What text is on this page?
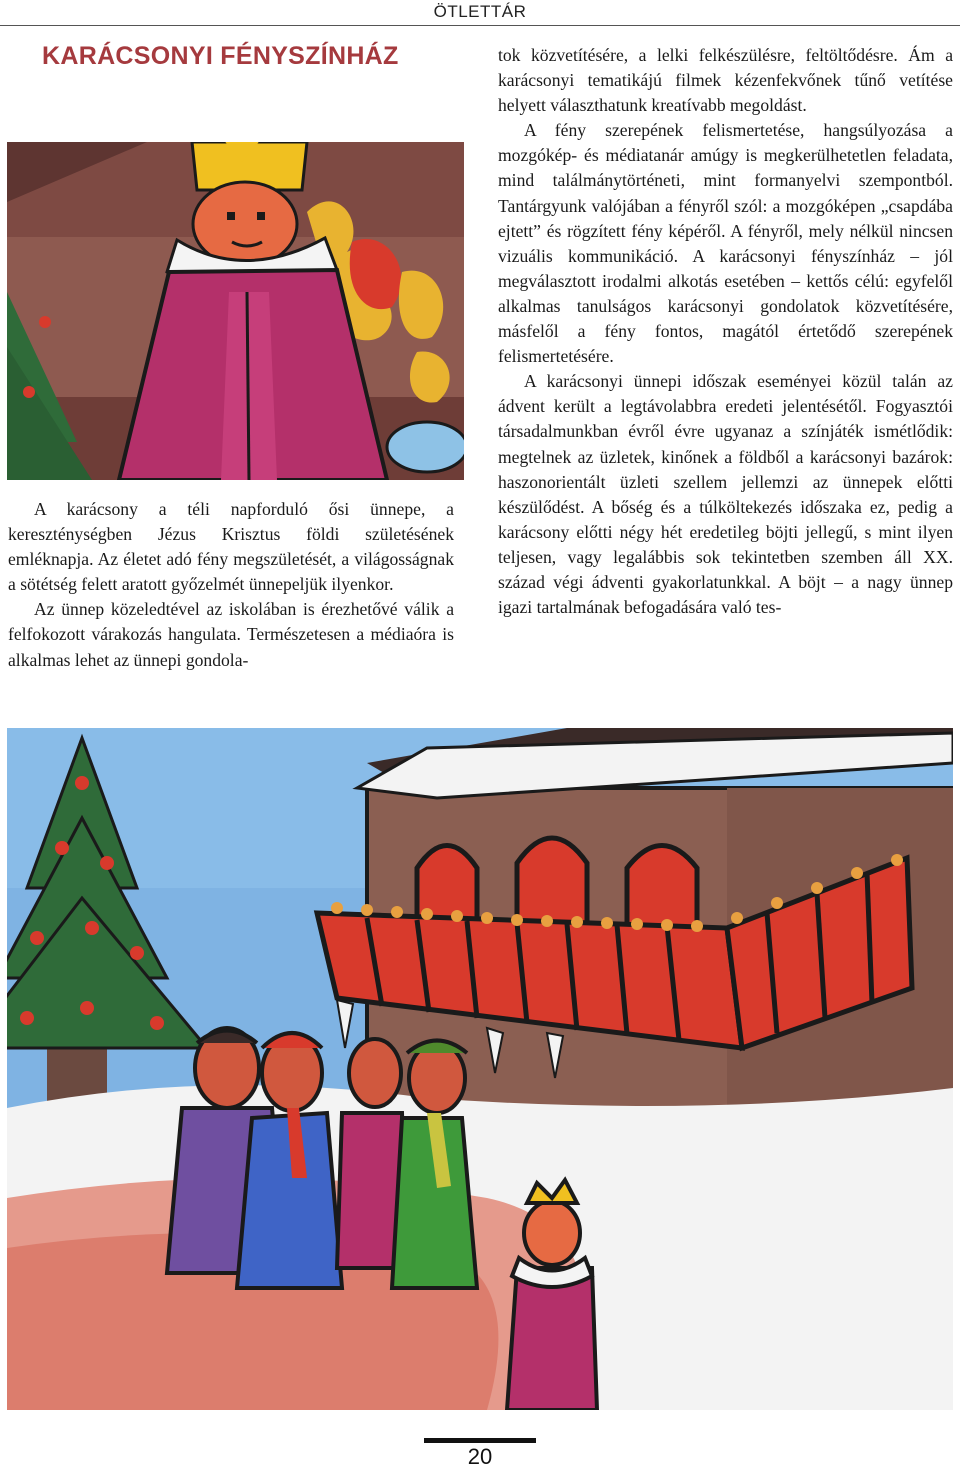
ÖTLETTÁR
KARÁCSONYI FÉNYSZÍNHÁZ

A karácsony a téli napforduló ősi ünnepe, a kereszténységben Jézus Krisztus földi születésének emléknapja. Az életet adó fény megszületését, a világosságnak a sötétség felett aratott győzelmét ünnepeljük ilyenkor.

Az ünnep közeledtével az iskolában is érezhetővé válik a felfokozott várakozás hangulata. Természetesen a médiaóra is alkalmas lehet az ünnepi gondola-

tok közvetítésére, a lelki felkészülésre, feltöltődésre. Ám a karácsonyi tematikájú filmek kézenfekvőnek tűnő vetítése helyett választhatunk kreatívabb megoldást.

A fény szerepének felismertetése, hangsúlyozása a mozgókép- és médiatanár amúgy is megkerülhetetlen feladata, mind találmánytörténeti, mint formanyelvi szempontból. Tantárgyunk valójában a fényről szól: a mozgóképen „csapdába ejtett” és rögzített fény képéről. A fényről, mely nélkül nincsen vizuális kommunikáció. A karácsonyi fényszínház – jól megválasztott irodalmi alkotás esetében – kettős célú: egyfelől alkalmas tanulságos karácsonyi gondolatok közvetítésére, másfelől a fény fontos, magától értetődő szerepének felismertetésére.

A karácsonyi ünnepi időszak eseményei közül talán az ádvent került a legtávolabbra eredeti jelentésétől. Fogyasztói társadalmunkban évről évre ugyanaz a színjáték ismétlődik: megtelnek az üzletek, kinőnek a földből a karácsonyi bazárok: haszonorientált üzleti szellem jellemzi az ünnepek előtti készülődést. A bőség és a túlköltekezés időszaka ez, pedig a karácsony előtti négy hét eredetileg böjti jellegű, s mint ilyen teljesen, vagy legalábbis sok tekintetben szemben áll XX. század végi ádventi gyakorlatunkkal. A böjt – a nagy ünnep igazi tartalmának befogadására való tes-

20
